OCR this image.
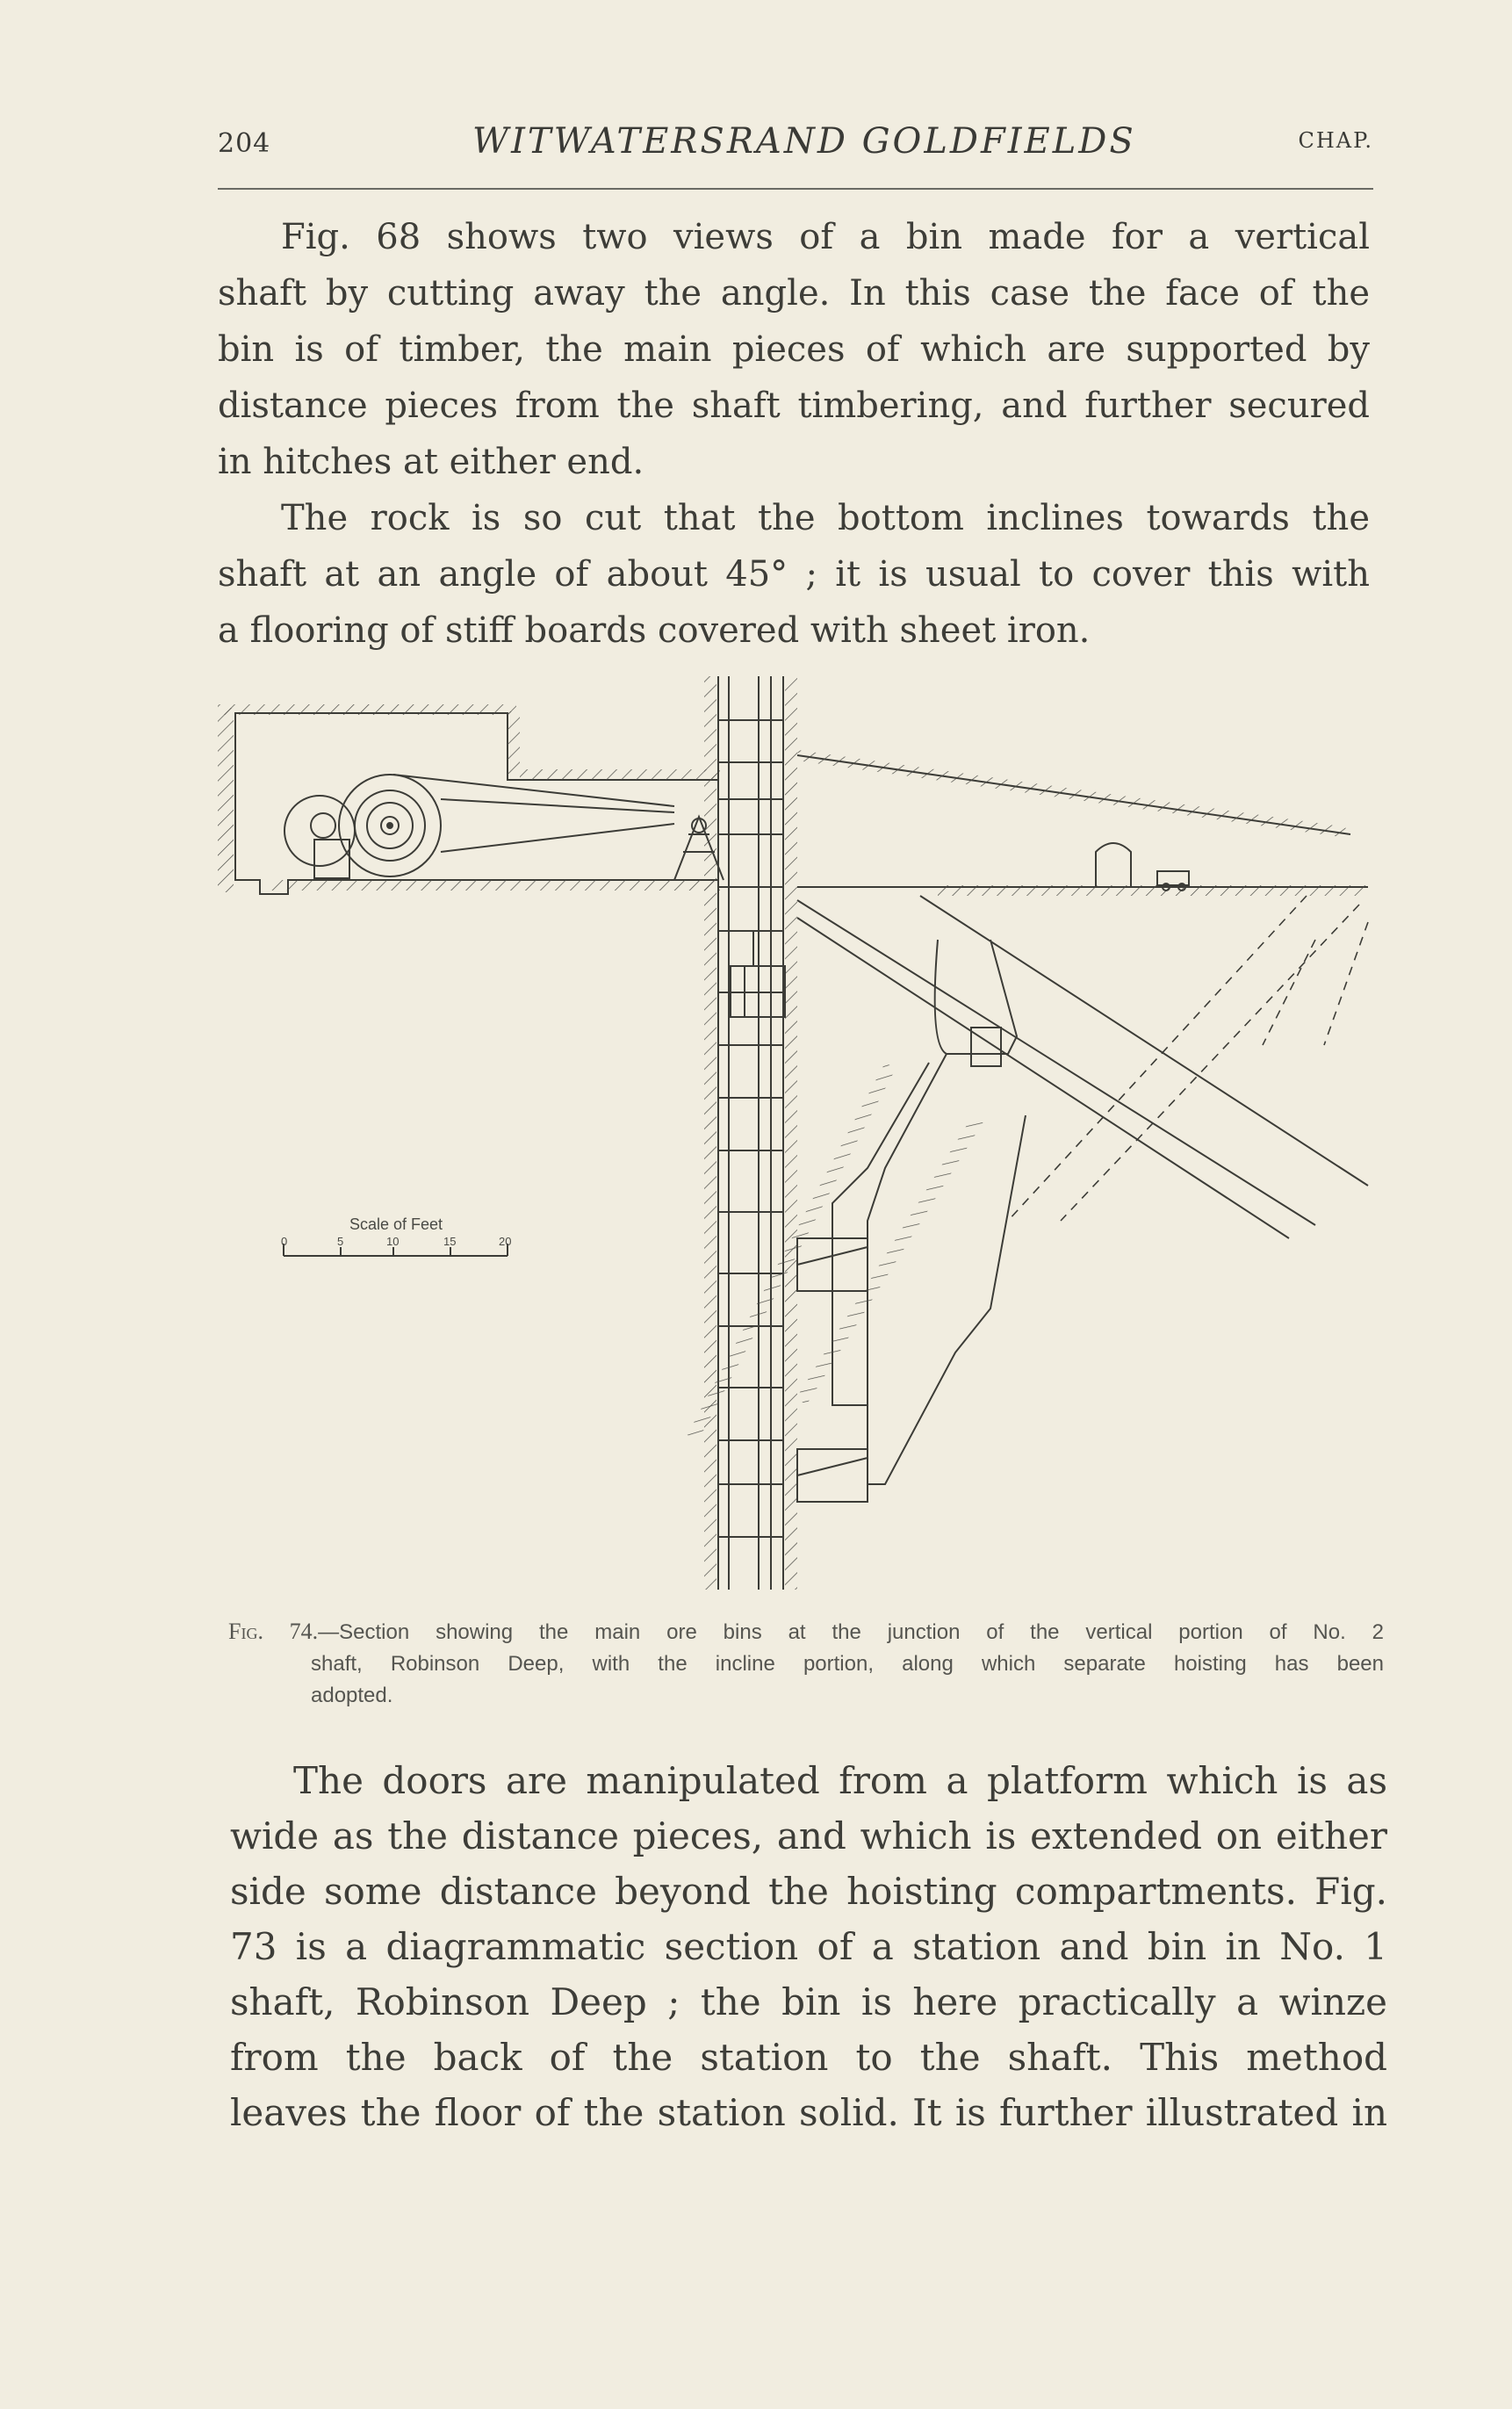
204	WITWATERSRAND GOLDFIELDS	CHAP.
Fig. 68 shows two views of a bin made for a vertical
shaft by cutting away the angle. In this case the face of the
bin is of timber, the main pieces of which are supported by
distance pieces from the shaft timbering, and further secured
in hitches at either end.
The rock is so cut that the bottom inclines towards the
shaft at an angle of about 45° ; it is usual to cover this with
a flooring of stiff boards covered with sheet iron.
Scale of Feet
0	5	10	15	20
Fig. 74.—Section showing the main ore bins at the junction of the vertical portion of No. 2
shaft, Robinson Deep, with the incline portion, along which separate hoisting has been
adopted.
The doors are manipulated from a platform which is as
wide as the distance pieces, and which is extended on either
side some distance beyond the hoisting compartments. Fig.
73 is a diagrammatic section of a station and bin in No. 1
shaft, Robinson Deep ; the bin is here practically a winze
from the back of the station to the shaft. This method
leaves the floor of the station solid. It is further illustrated in
